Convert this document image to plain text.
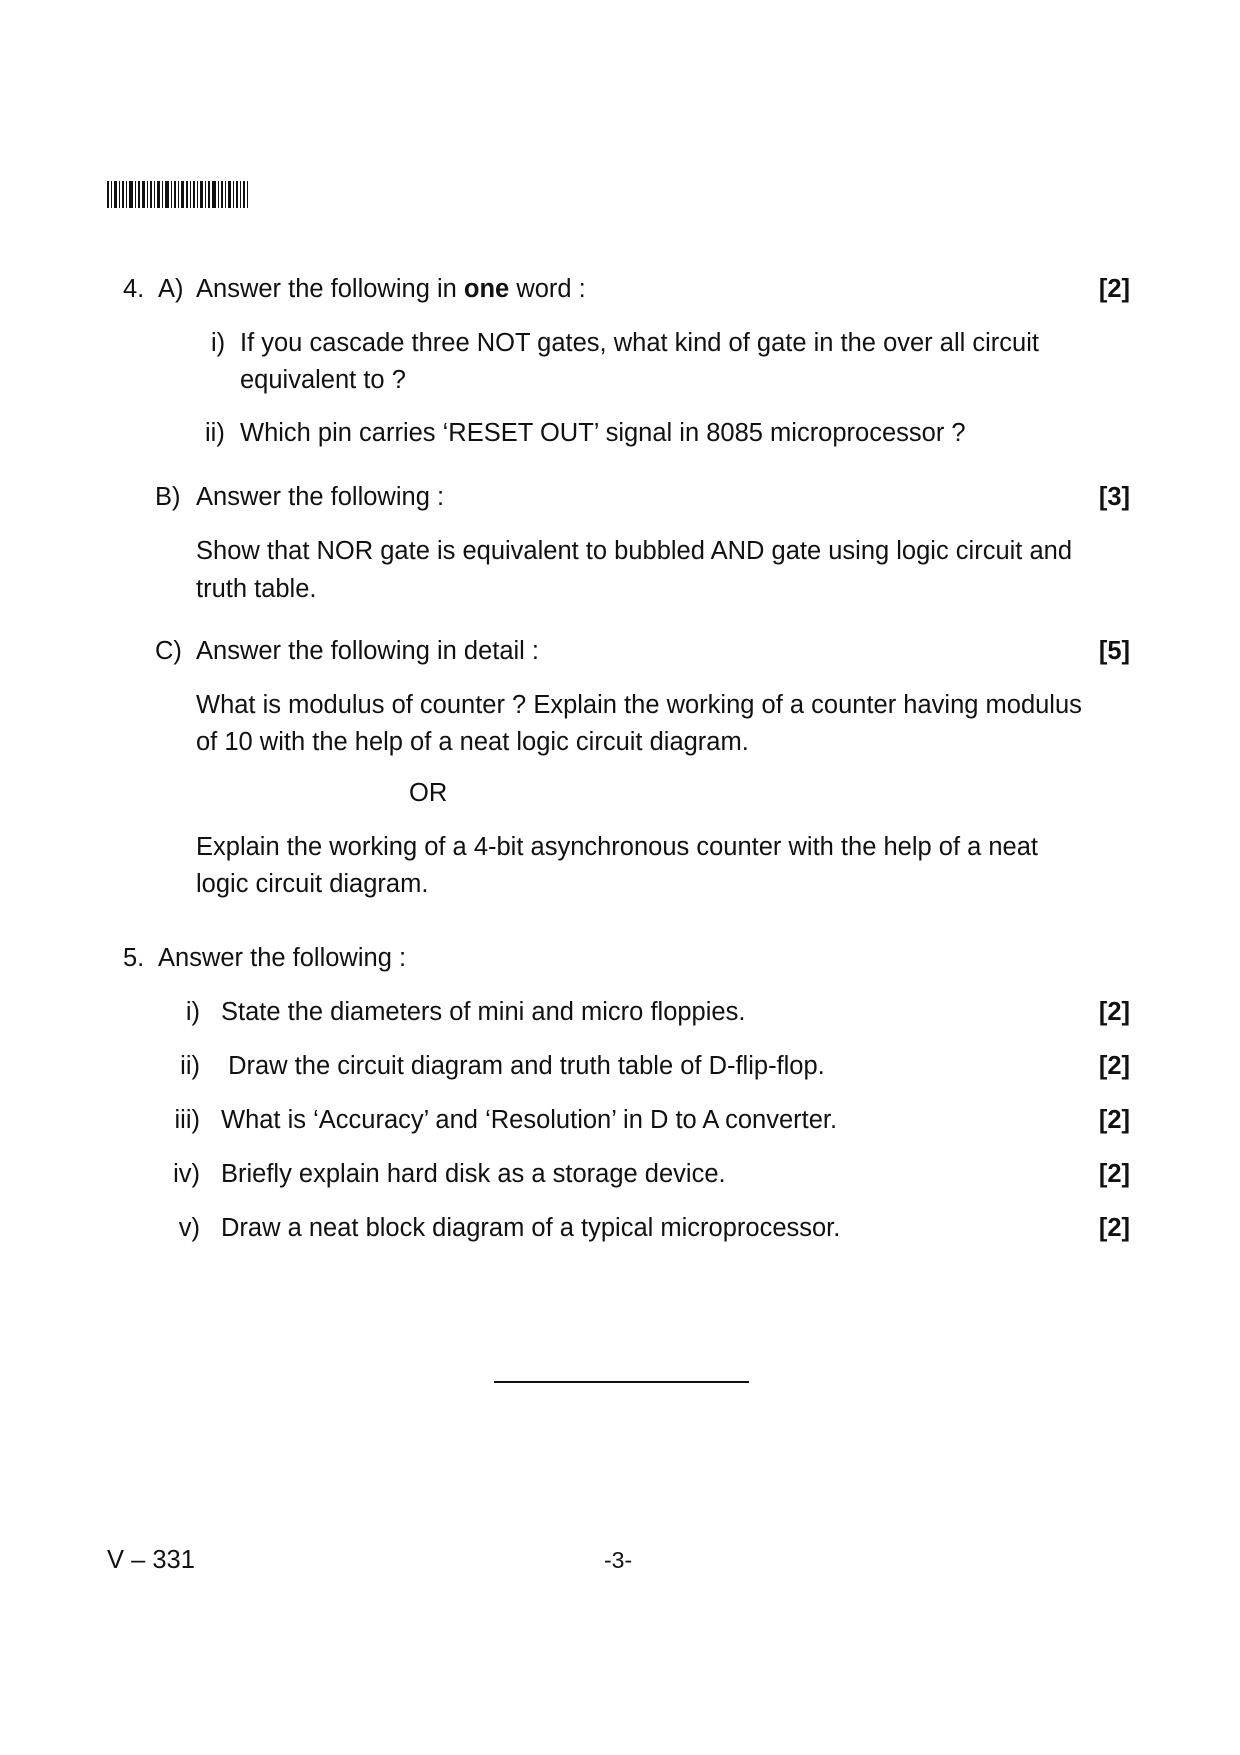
4. A) Answer the following in one word :	[2]
i) If you cascade three NOT gates, what kind of gate in the over all circuit
equivalent to ?
ii) Which pin carries ‘RESET OUT’ signal in 8085 microprocessor ?
B) Answer the following :	[3]
Show that NOR gate is equivalent to bubbled AND gate using logic circuit and
truth table.
C) Answer the following in detail :	[5]
What is modulus of counter ? Explain the working of a counter having modulus
of 10 with the help of a neat logic circuit diagram.
OR
Explain the working of a 4-bit asynchronous counter with the help of a neat
logic circuit diagram.
5. Answer the following :
i) State the diameters of mini and micro floppies.	[2]
ii) Draw the circuit diagram and truth table of D-flip-flop.	[2]
iii) What is ‘Accuracy’ and ‘Resolution’ in D to A converter.	[2]
iv) Briefly explain hard disk as a storage device.	[2]
v) Draw a neat block diagram of a typical microprocessor.	[2]
V – 331	-3-
